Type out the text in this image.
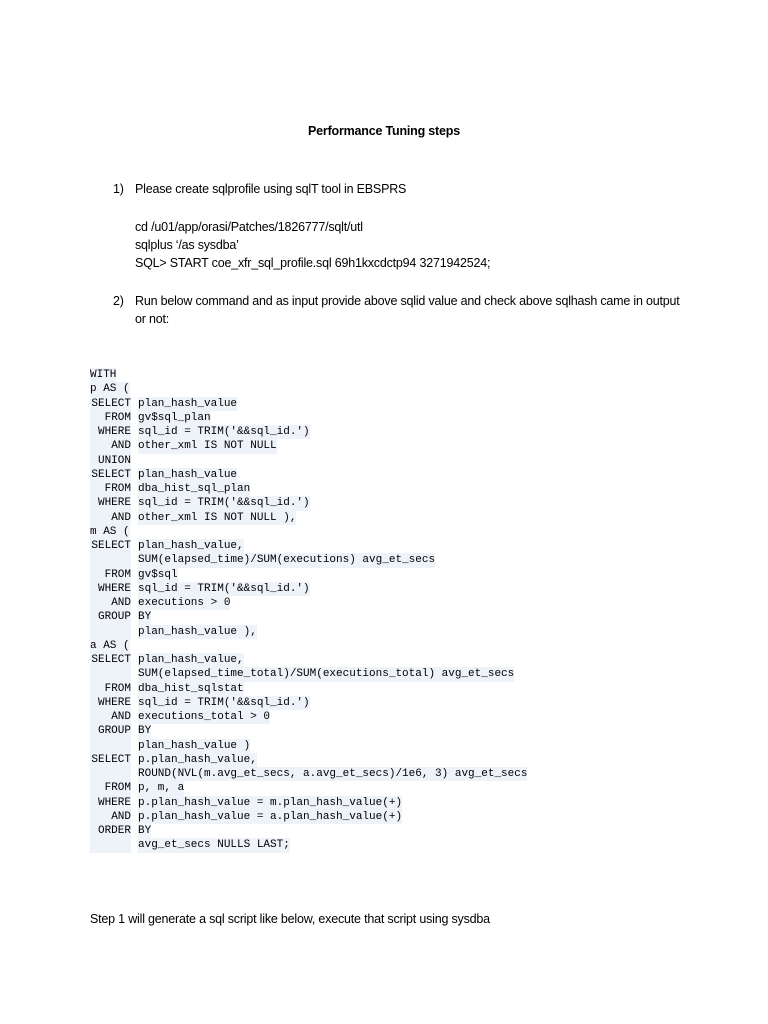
Performance Tuning steps
1) Please create sqlprofile using sqlT tool in EBSPRS
cd /u01/app/orasi/Patches/1826777/sqlt/utl
sqlplus ‘/as sysdba’
SQL> START coe_xfr_sql_profile.sql 69h1kxcdctp94 3271942524;
2) Run below command and as input provide above sqlid value and check above sqlhash came in output or not:
WITH
p AS (
SELECT plan_hash_value
FROM gv$sql_plan
WHERE sql_id = TRIM('&&sql_id.')
AND other_xml IS NOT NULL
UNION
SELECT plan_hash_value
FROM dba_hist_sql_plan
WHERE sql_id = TRIM('&&sql_id.')
AND other_xml IS NOT NULL ),
m AS (
SELECT plan_hash_value,
SUM(elapsed_time)/SUM(executions) avg_et_secs
FROM gv$sql
WHERE sql_id = TRIM('&&sql_id.')
AND executions > 0
GROUP BY
plan_hash_value ),
a AS (
SELECT plan_hash_value,
SUM(elapsed_time_total)/SUM(executions_total) avg_et_secs
FROM dba_hist_sqlstat
WHERE sql_id = TRIM('&&sql_id.')
AND executions_total > 0
GROUP BY
plan_hash_value )
SELECT p.plan_hash_value,
ROUND(NVL(m.avg_et_secs, a.avg_et_secs)/1e6, 3) avg_et_secs
FROM p, m, a
WHERE p.plan_hash_value = m.plan_hash_value(+)
AND p.plan_hash_value = a.plan_hash_value(+)
ORDER BY
avg_et_secs NULLS LAST;
Step 1 will generate a sql script like below, execute that script using sysdba
